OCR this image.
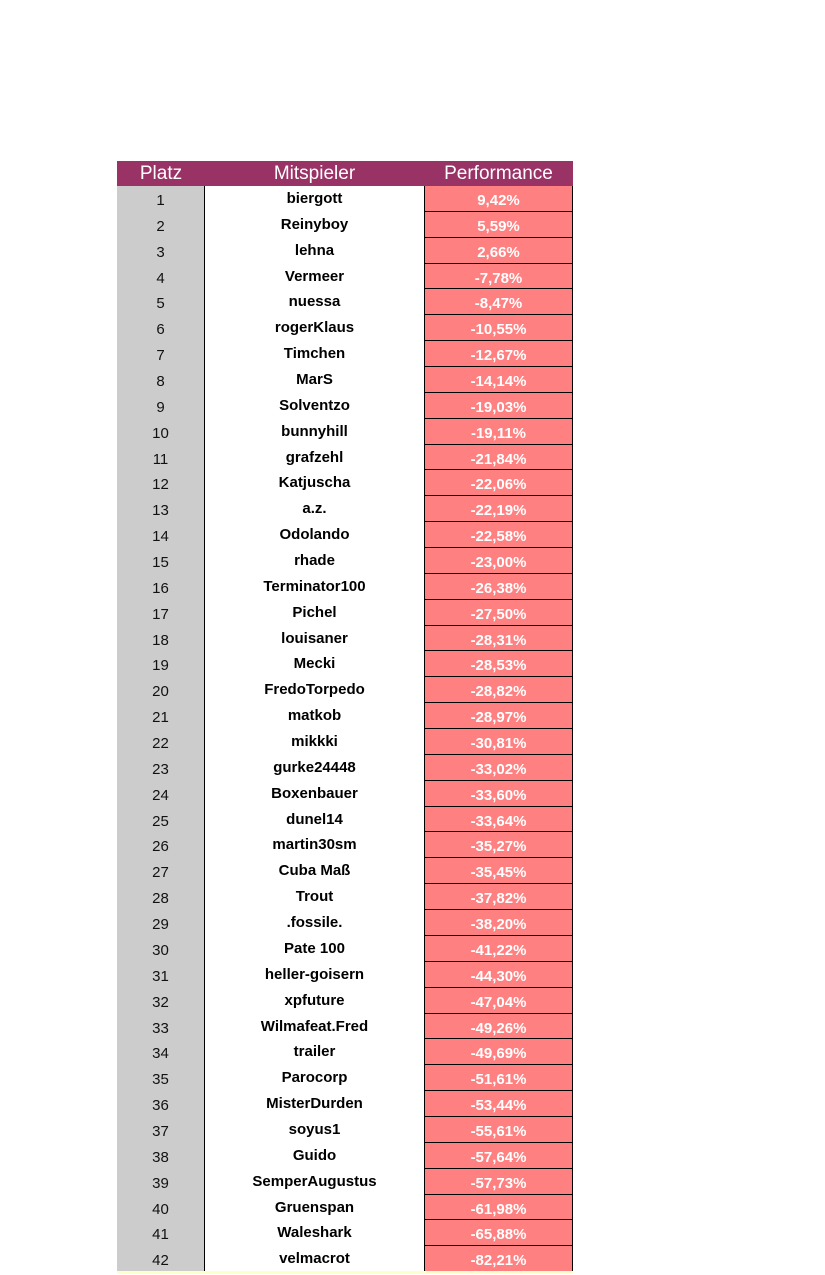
Platz	Mitspieler	Performance
1	biergott	9,42%
2	Reinyboy	5,59%
3	lehna	2,66%
4	Vermeer	-7,78%
5	nuessa	-8,47%
6	rogerKlaus	-10,55%
7	Timchen	-12,67%
8	MarS	-14,14%
9	Solventzo	-19,03%
10	bunnyhill	-19,11%
11	grafzehl	-21,84%
12	Katjuscha	-22,06%
13	a.z.	-22,19%
14	Odolando	-22,58%
15	rhade	-23,00%
16	Terminator100	-26,38%
17	Pichel	-27,50%
18	louisaner	-28,31%
19	Mecki	-28,53%
20	FredoTorpedo	-28,82%
21	matkob	-28,97%
22	mikkki	-30,81%
23	gurke24448	-33,02%
24	Boxenbauer	-33,60%
25	dunel14	-33,64%
26	martin30sm	-35,27%
27	Cuba Maß	-35,45%
28	Trout	-37,82%
29	.fossile.	-38,20%
30	Pate 100	-41,22%
31	heller-goisern	-44,30%
32	xpfuture	-47,04%
33	Wilmafeat.Fred	-49,26%
34	trailer	-49,69%
35	Parocorp	-51,61%
36	MisterDurden	-53,44%
37	soyus1	-55,61%
38	Guido	-57,64%
39	SemperAugustus	-57,73%
40	Gruenspan	-61,98%
41	Waleshark	-65,88%
42	velmacrot	-82,21%
